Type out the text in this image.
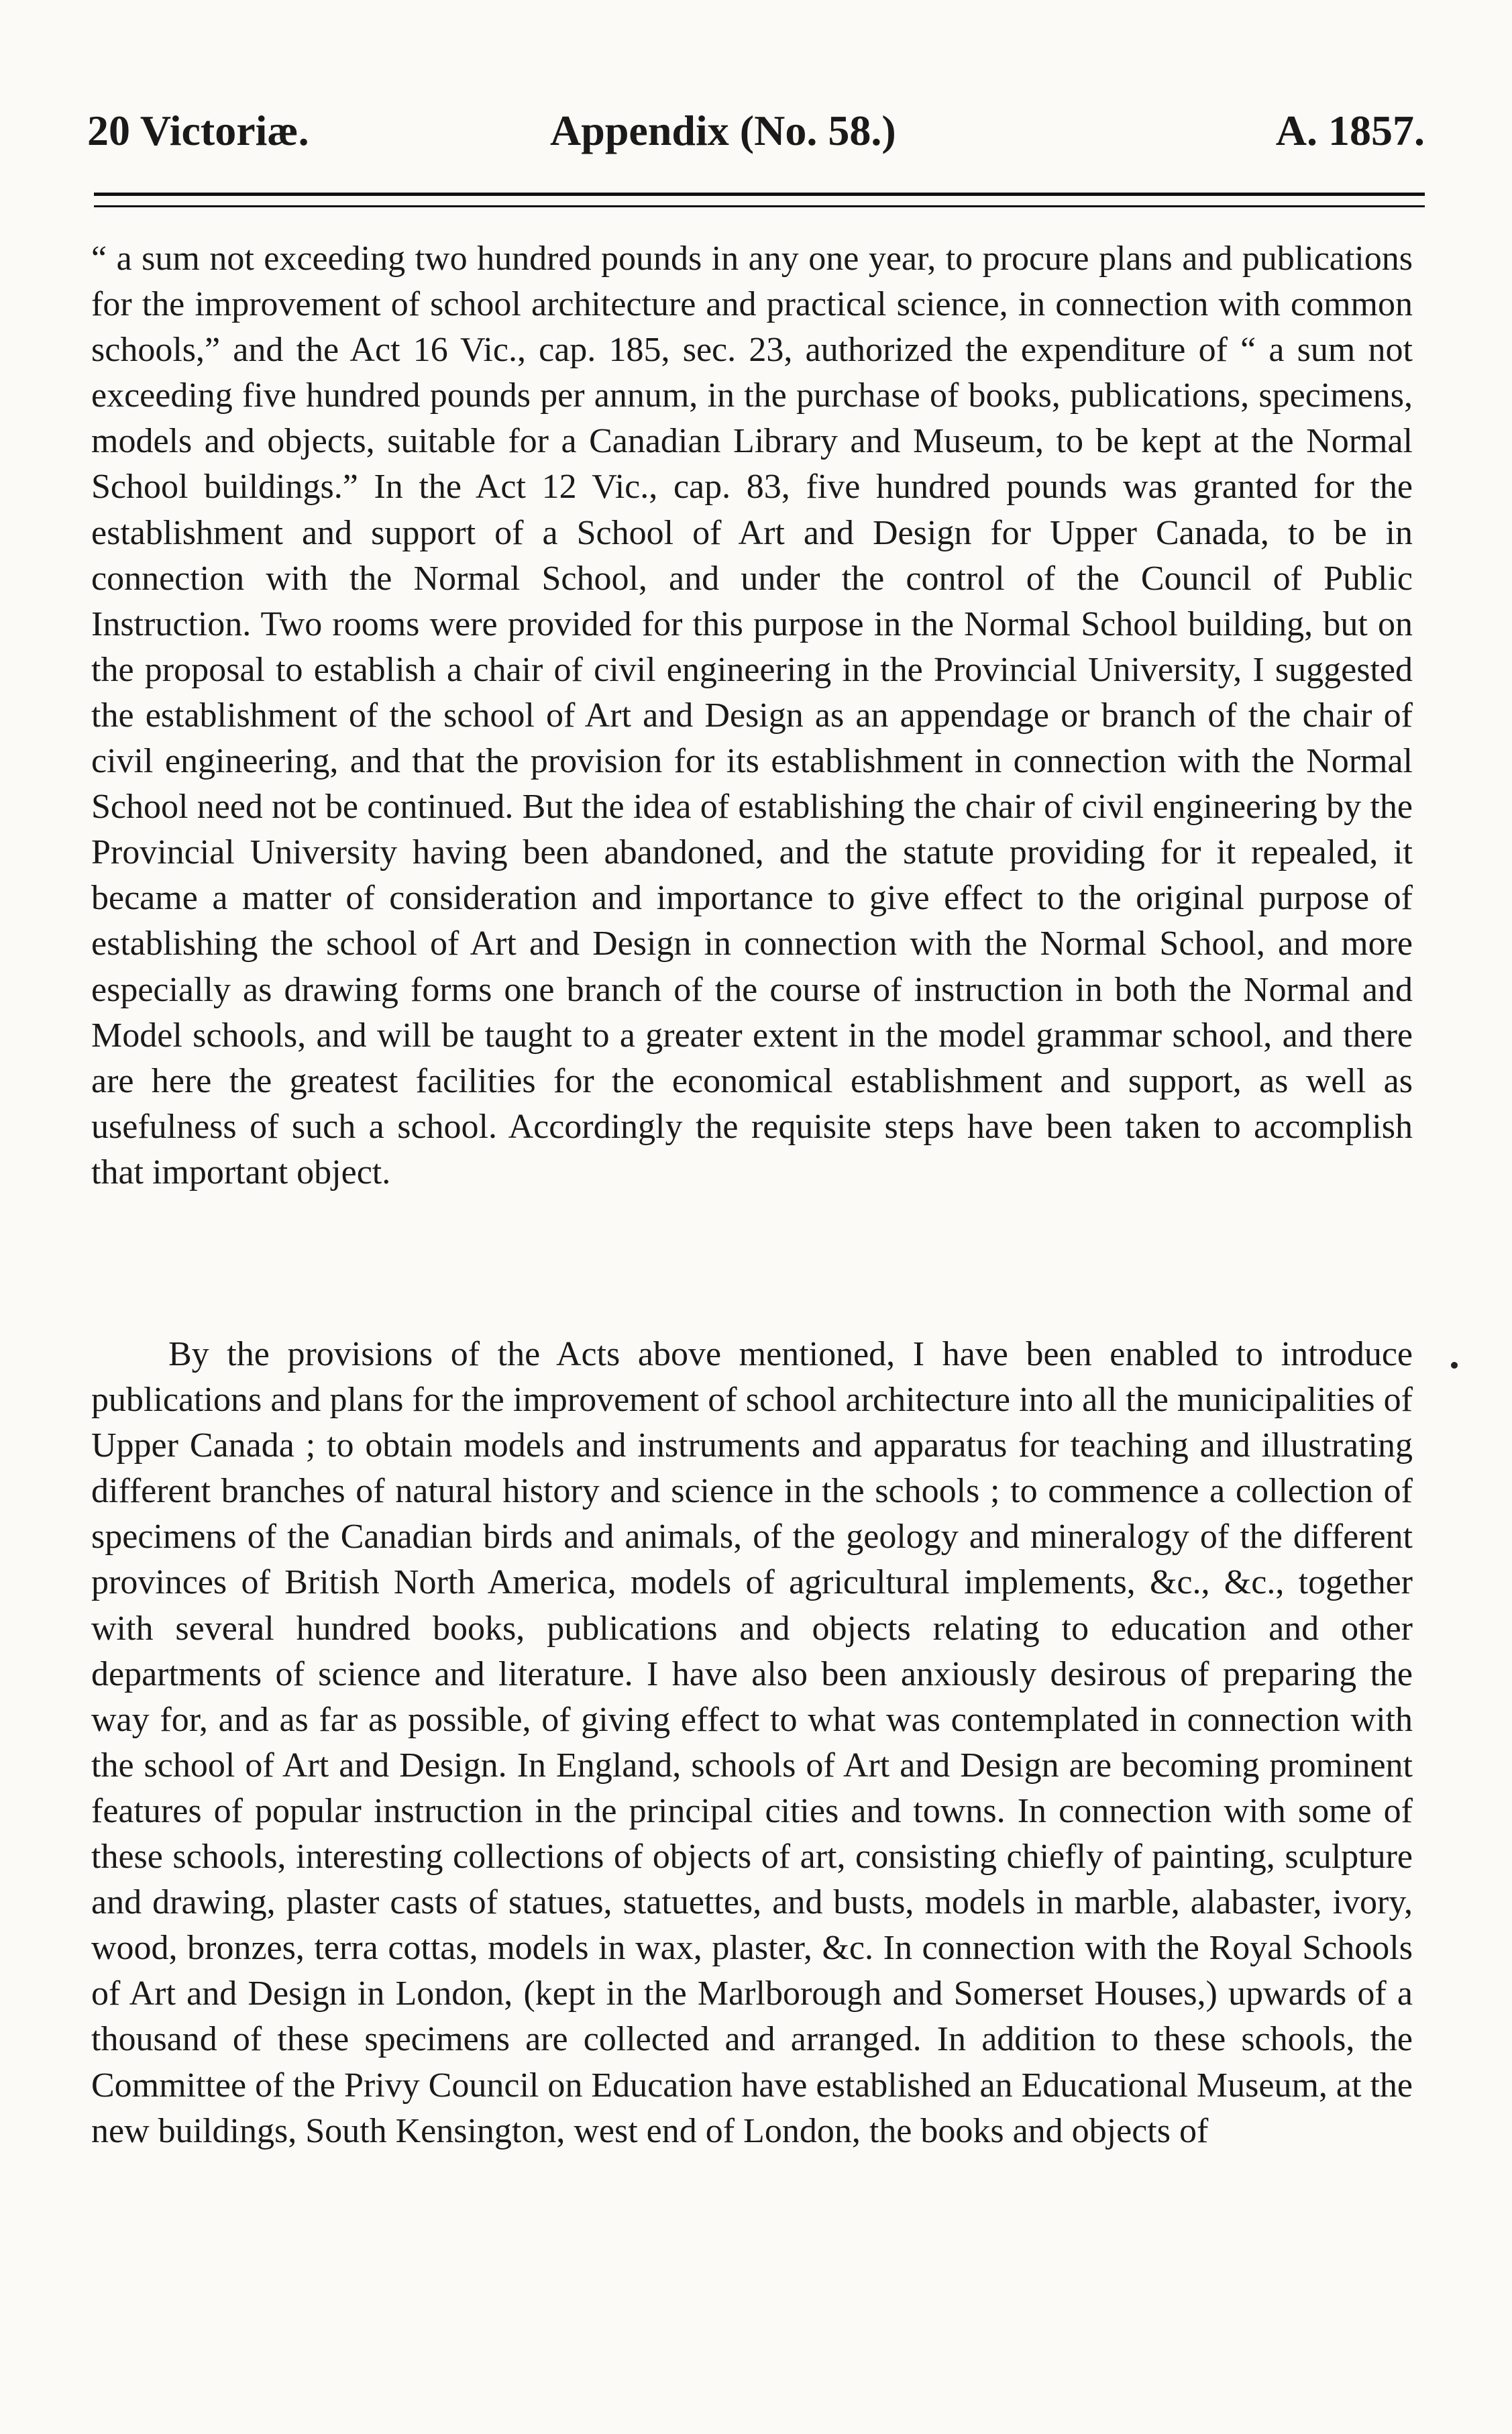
20 Victoriæ.	Appendix (No. 58.)	A. 1857.

“ a sum not exceeding two hundred pounds in any one year, to procure plans and publications for the improvement of school architecture and practical science, in connection with common schools,” and the Act 16 Vic., cap. 185, sec. 23, authorized the expenditure of “ a sum not exceeding five hundred pounds per annum, in the purchase of books, publications, specimens, models and objects, suitable for a Canadian Library and Museum, to be kept at the Normal School buildings.” In the Act 12 Vic., cap. 83, five hundred pounds was granted for the establishment and support of a School of Art and Design for Upper Canada, to be in connection with the Normal School, and under the control of the Council of Public Instruction. Two rooms were provided for this purpose in the Normal School building, but on the proposal to establish a chair of civil engineering in the Provincial University, I suggested the establishment of the school of Art and Design as an appendage or branch of the chair of civil engineering, and that the provision for its establishment in connection with the Normal School need not be continued. But the idea of establishing the chair of civil engineering by the Provincial University having been abandoned, and the statute providing for it repealed, it became a matter of consideration and importance to give effect to the original purpose of establishing the school of Art and Design in connection with the Normal School, and more especially as drawing forms one branch of the course of instruction in both the Normal and Model schools, and will be taught to a greater extent in the model grammar school, and there are here the greatest facilities for the economical establishment and support, as well as usefulness of such a school. Accordingly the requisite steps have been taken to accomplish that important object.

By the provisions of the Acts above mentioned, I have been enabled to introduce publications and plans for the improvement of school architecture into all the municipalities of Upper Canada ; to obtain models and instruments and apparatus for teaching and illustrating different branches of natural history and science in the schools ; to commence a collection of specimens of the Canadian birds and animals, of the geology and mineralogy of the different provinces of British North America, models of agricultural implements, &c., &c., together with several hundred books, publications and objects relating to education and other departments of science and literature. I have also been anxiously desirous of preparing the way for, and as far as possible, of giving effect to what was contemplated in connection with the school of Art and Design. In England, schools of Art and Design are becoming prominent features of popular instruction in the principal cities and towns. In connection with some of these schools, interesting collections of objects of art, consisting chiefly of painting, sculpture and drawing, plaster casts of statues, statuettes, and busts, models in marble, alabaster, ivory, wood, bronzes, terra cottas, models in wax, plaster, &c. In connection with the Royal Schools of Art and Design in London, (kept in the Marlborough and Somerset Houses,) upwards of a thousand of these specimens are collected and arranged. In addition to these schools, the Committee of the Privy Council on Education have established an Educational Museum, at the new buildings, South Kensington, west end of London, the books and objects of
